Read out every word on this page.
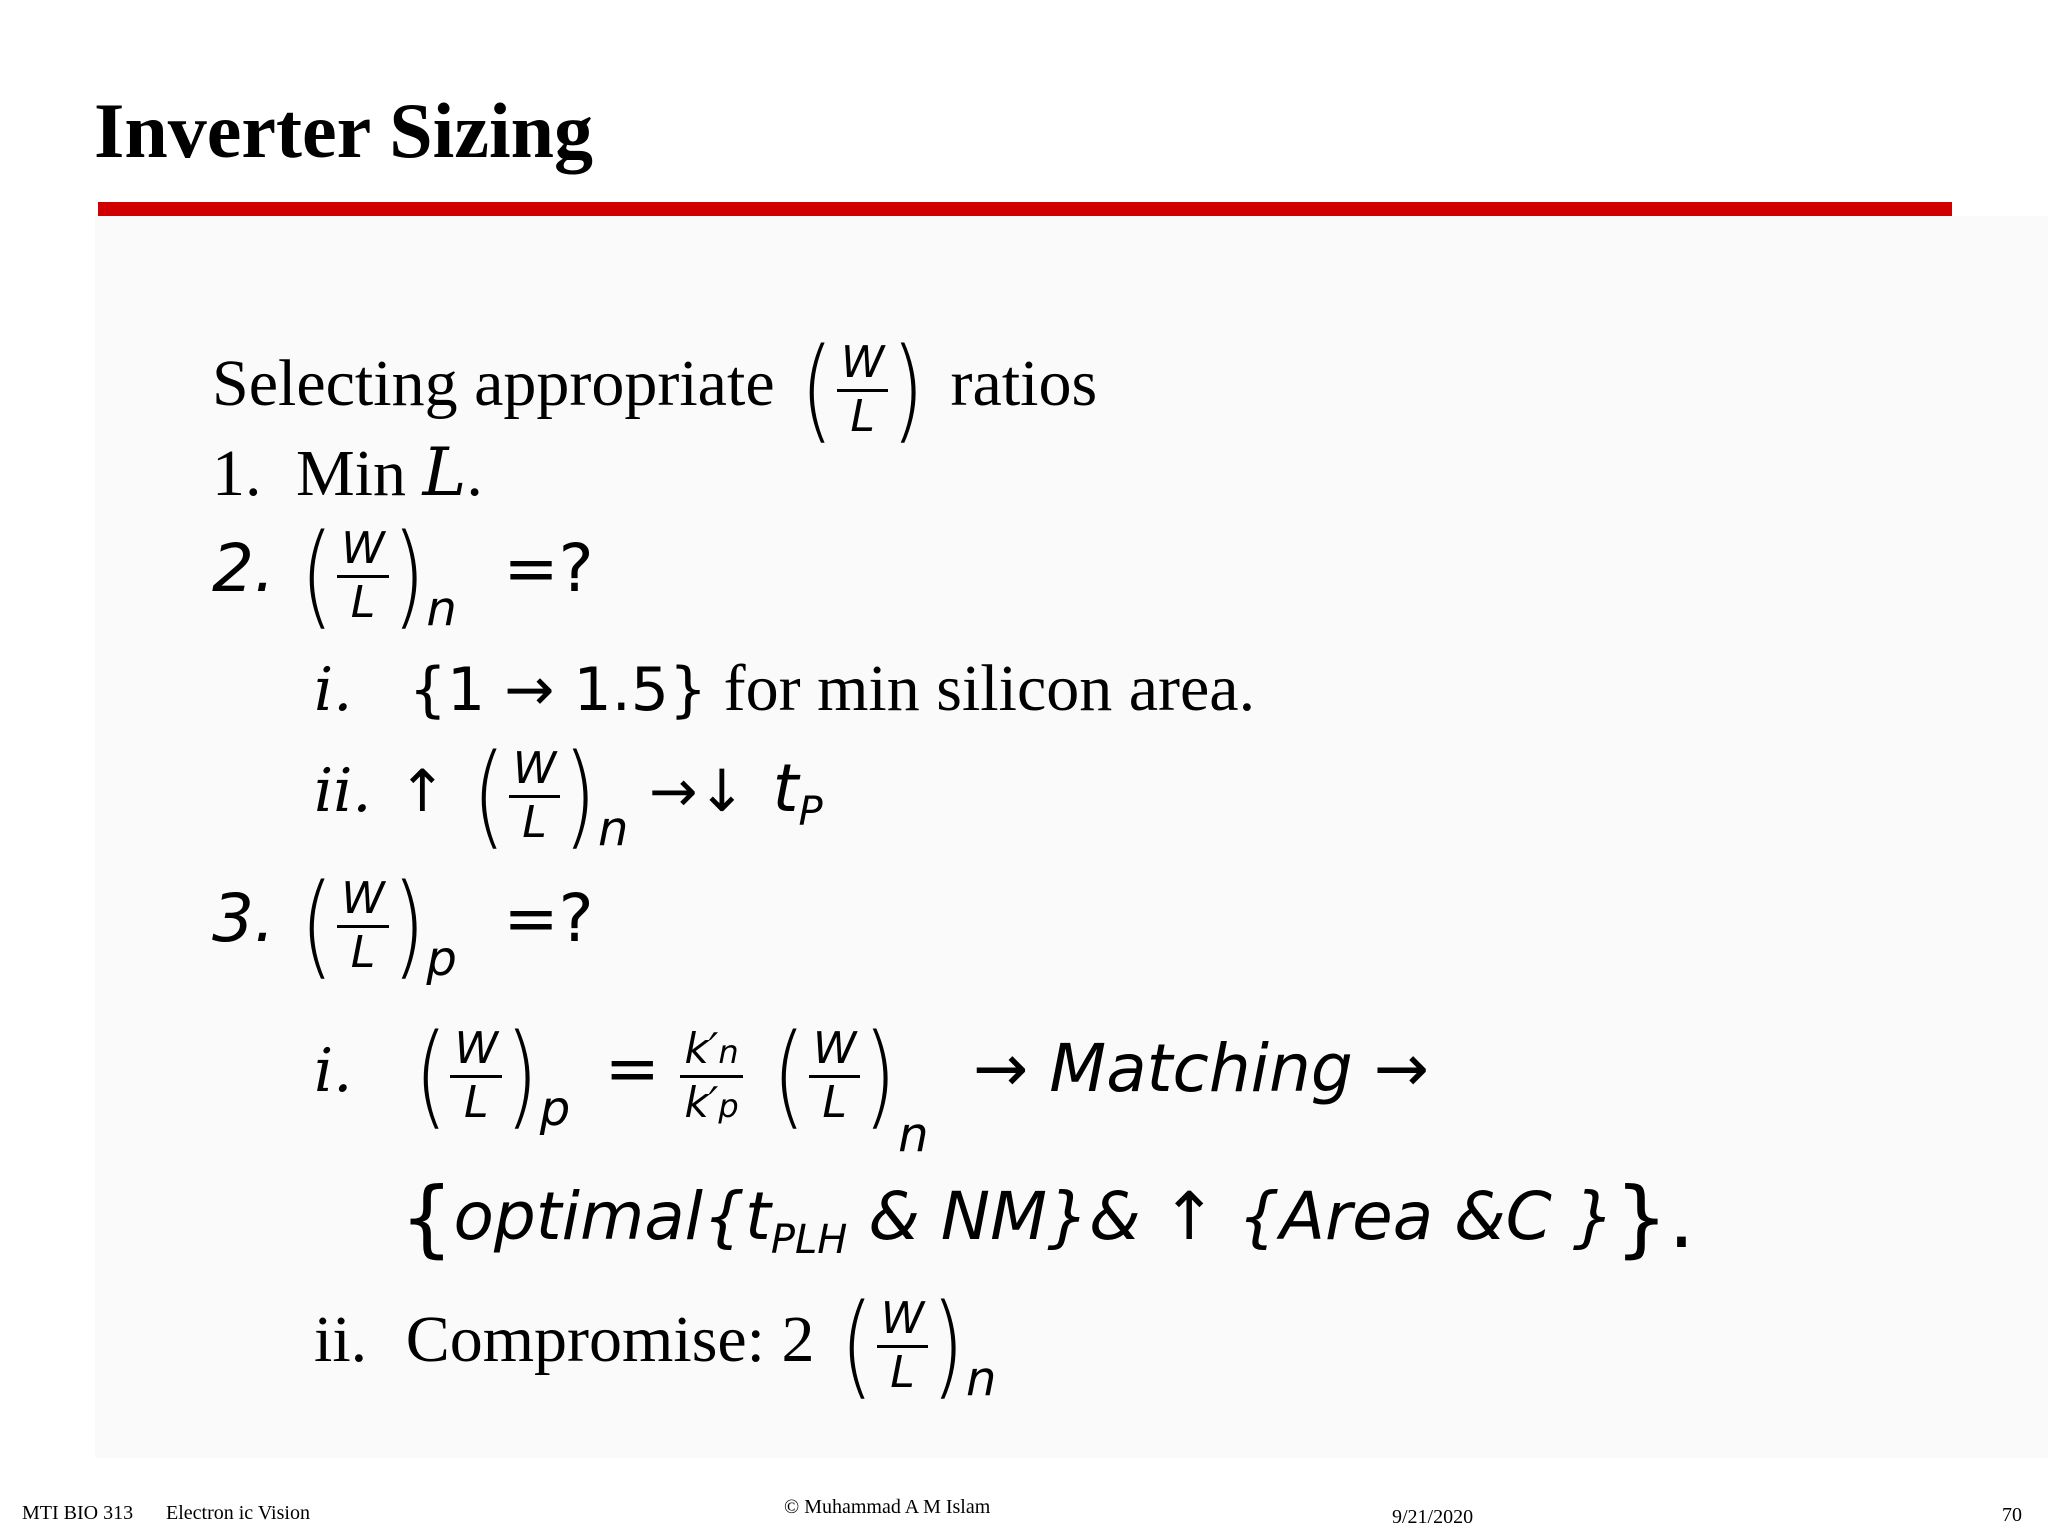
Inverter Sizing
Selecting appropriate ( $\frac{W}{L}$ ) ratios
1. Min L.
2. ( $\frac{W}{L} )_n$ =?
i. {1 → 1.5} for min silicon area.
ii. ↑ ( $\frac{W}{L} )_n$ →↓ $t_P$
3. ( $\frac{W}{L} )_p$ =?
i. ( $\frac{W}{L} )_p = \frac{k'n}{k'p}$ ( $\frac{W}{L} )_n$ → Matching →
{$optimal\{t_{PLH}$ & NM}& ↑ {Area &C }}.
ii. Compromise: 2 ( $\frac{W}{L} )_n$
MTI BIO 313 Electron ic Vision	© Muhammad A M Islam	9/21/2020	70
